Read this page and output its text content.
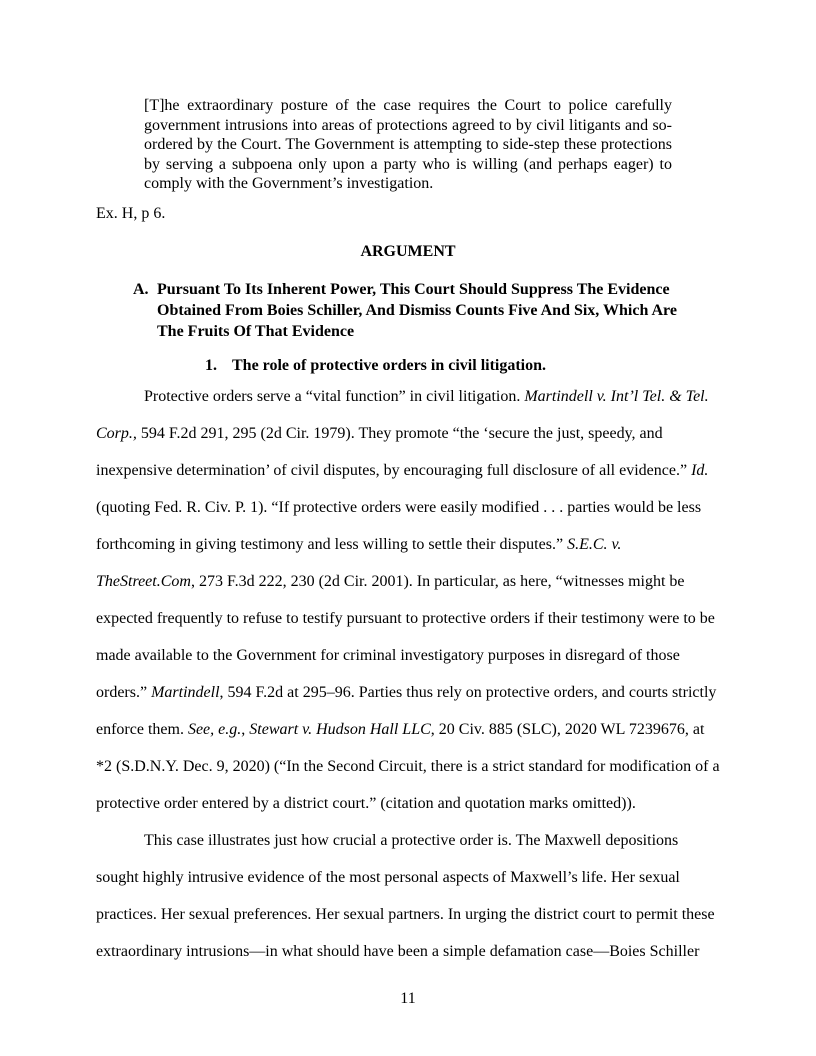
[T]he extraordinary posture of the case requires the Court to police carefully government intrusions into areas of protections agreed to by civil litigants and so-ordered by the Court. The Government is attempting to side-step these protections by serving a subpoena only upon a party who is willing (and perhaps eager) to comply with the Government’s investigation.

Ex. H, p 6.

ARGUMENT
A. Pursuant To Its Inherent Power, This Court Should Suppress The Evidence Obtained From Boies Schiller, And Dismiss Counts Five And Six, Which Are The Fruits Of That Evidence
1. The role of protective orders in civil litigation.

Protective orders serve a “vital function” in civil litigation. Martindell v. Int’l Tel. & Tel. Corp., 594 F.2d 291, 295 (2d Cir. 1979). They promote “the ‘secure the just, speedy, and inexpensive determination’ of civil disputes, by encouraging full disclosure of all evidence.” Id. (quoting Fed. R. Civ. P. 1). “If protective orders were easily modified . . . parties would be less forthcoming in giving testimony and less willing to settle their disputes.” S.E.C. v. TheStreet.Com, 273 F.3d 222, 230 (2d Cir. 2001). In particular, as here, “witnesses might be expected frequently to refuse to testify pursuant to protective orders if their testimony were to be made available to the Government for criminal investigatory purposes in disregard of those orders.” Martindell, 594 F.2d at 295–96. Parties thus rely on protective orders, and courts strictly enforce them. See, e.g., Stewart v. Hudson Hall LLC, 20 Civ. 885 (SLC), 2020 WL 7239676, at *2 (S.D.N.Y. Dec. 9, 2020) (“In the Second Circuit, there is a strict standard for modification of a protective order entered by a district court.” (citation and quotation marks omitted)).

This case illustrates just how crucial a protective order is. The Maxwell depositions sought highly intrusive evidence of the most personal aspects of Maxwell’s life. Her sexual practices. Her sexual preferences. Her sexual partners. In urging the district court to permit these extraordinary intrusions—in what should have been a simple defamation case—Boies Schiller

11
